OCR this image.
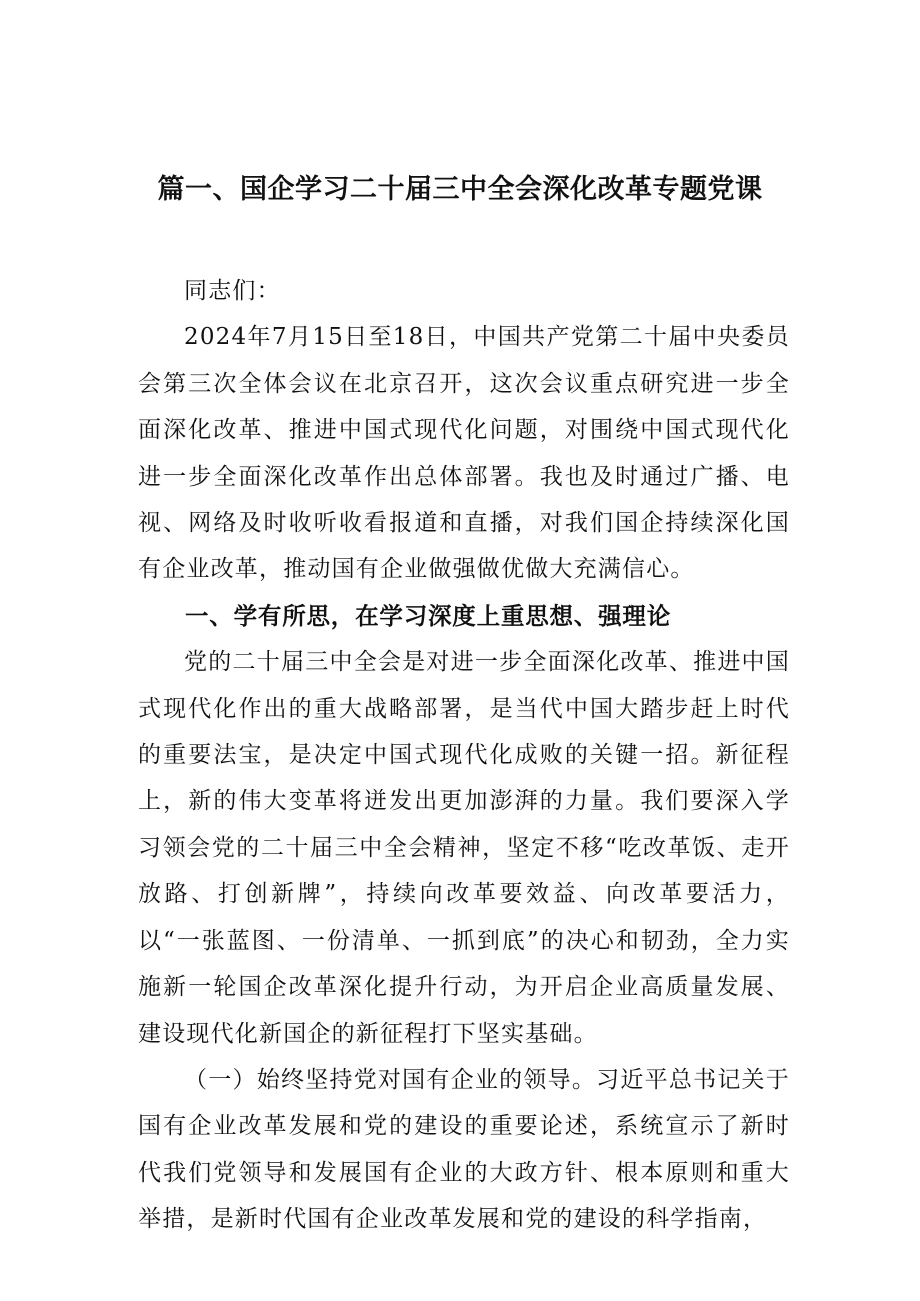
篇一、国企学习二十届三中全会深化改革专题党课

同志们：

2024年7月15日至18日，中国共产党第二十届中央委员会第三次全体会议在北京召开，这次会议重点研究进一步全面深化改革、推进中国式现代化问题，对围绕中国式现代化进一步全面深化改革作出总体部署。我也及时通过广播、电视、网络及时收听收看报道和直播，对我们国企持续深化国有企业改革，推动国有企业做强做优做大充满信心。

一、学有所思，在学习深度上重思想、强理论

党的二十届三中全会是对进一步全面深化改革、推进中国式现代化作出的重大战略部署，是当代中国大踏步赶上时代的重要法宝，是决定中国式现代化成败的关键一招。新征程上，新的伟大变革将迸发出更加澎湃的力量。我们要深入学习领会党的二十届三中全会精神，坚定不移“吃改革饭、走开放路、打创新牌”，持续向改革要效益、向改革要活力，以“一张蓝图、一份清单、一抓到底”的决心和韧劲，全力实施新一轮国企改革深化提升行动，为开启企业高质量发展、建设现代化新国企的新征程打下坚实基础。

（一）始终坚持党对国有企业的领导。习近平总书记关于国有企业改革发展和党的建设的重要论述，系统宣示了新时代我们党领导和发展国有企业的大政方针、根本原则和重大举措，是新时代国有企业改革发展和党的建设的科学指南，
